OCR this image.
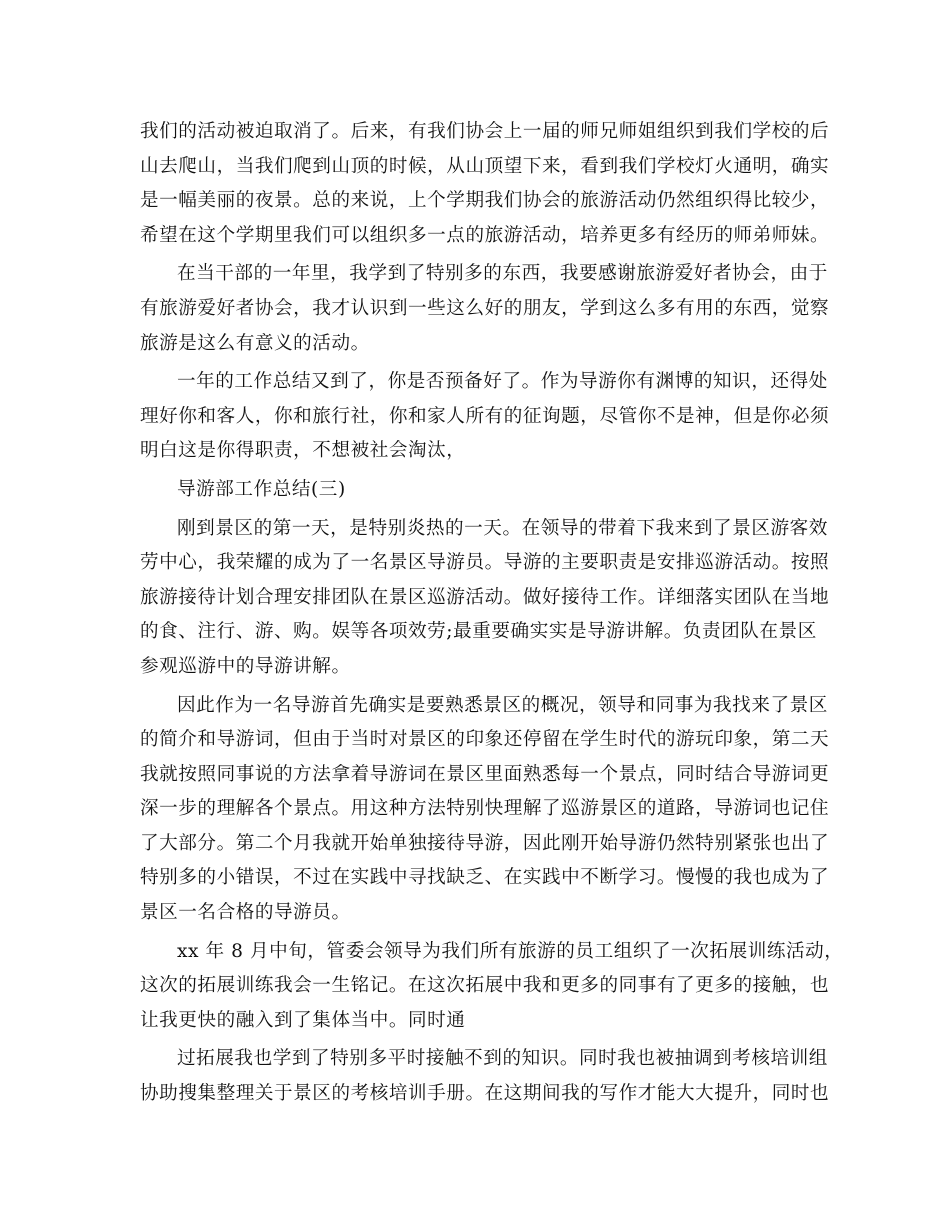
我们的活动被迫取消了。后来，有我们协会上一届的师兄师姐组织到我们学校的后
山去爬山，当我们爬到山顶的时候，从山顶望下来，看到我们学校灯火通明，确实
是一幅美丽的夜景。总的来说，上个学期我们协会的旅游活动仍然组织得比较少，
希望在这个学期里我们可以组织多一点的旅游活动，培养更多有经历的师弟师妹。
在当干部的一年里，我学到了特别多的东西，我要感谢旅游爱好者协会，由于
有旅游爱好者协会，我才认识到一些这么好的朋友，学到这么多有用的东西，觉察
旅游是这么有意义的活动。
一年的工作总结又到了，你是否预备好了。作为导游你有渊博的知识，还得处
理好你和客人，你和旅行社，你和家人所有的征询题，尽管你不是神，但是你必须
明白这是你得职责，不想被社会淘汰，
导游部工作总结(三)
刚到景区的第一天，是特别炎热的一天。在领导的带着下我来到了景区游客效
劳中心，我荣耀的成为了一名景区导游员。导游的主要职责是安排巡游活动。按照
旅游接待计划合理安排团队在景区巡游活动。做好接待工作。详细落实团队在当地
的食、注行、游、购。娱等各项效劳;最重要确实实是导游讲解。负责团队在景区
参观巡游中的导游讲解。
因此作为一名导游首先确实是要熟悉景区的概况，领导和同事为我找来了景区
的简介和导游词，但由于当时对景区的印象还停留在学生时代的游玩印象，第二天
我就按照同事说的方法拿着导游词在景区里面熟悉每一个景点，同时结合导游词更
深一步的理解各个景点。用这种方法特别快理解了巡游景区的道路，导游词也记住
了大部分。第二个月我就开始单独接待导游，因此刚开始导游仍然特别紧张也出了
特别多的小错误，不过在实践中寻找缺乏、在实践中不断学习。慢慢的我也成为了
景区一名合格的导游员。
xx 年 8 月中旬，管委会领导为我们所有旅游的员工组织了一次拓展训练活动，
这次的拓展训练我会一生铭记。在这次拓展中我和更多的同事有了更多的接触，也
让我更快的融入到了集体当中。同时通
过拓展我也学到了特别多平时接触不到的知识。同时我也被抽调到考核培训组
协助搜集整理关于景区的考核培训手册。在这期间我的写作才能大大提升，同时也
